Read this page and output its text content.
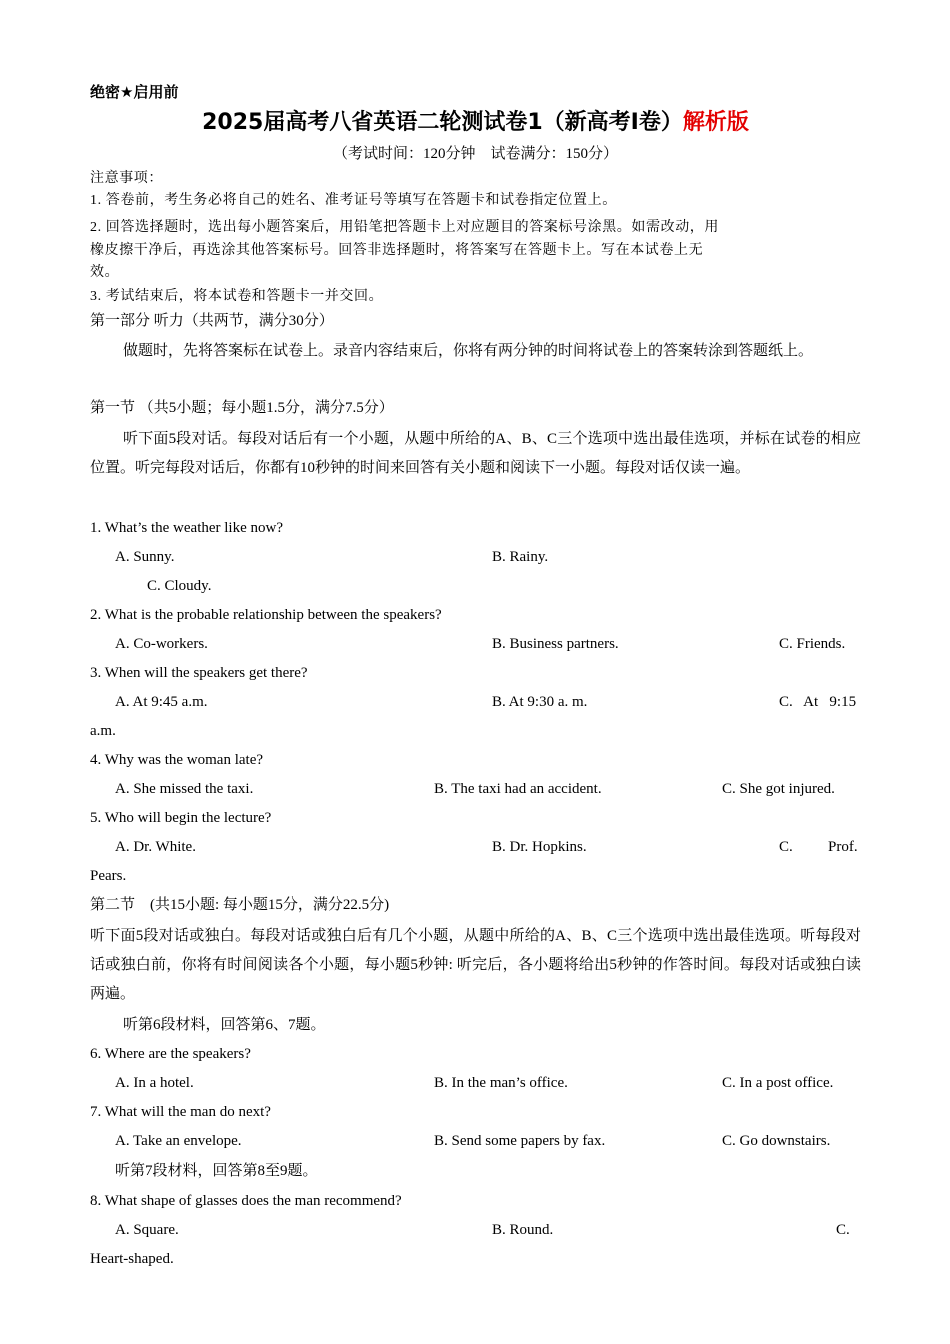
绝密★启用前
2025届高考八省英语二轮测试卷1（新高考I卷）解析版
（考试时间：120分钟　试卷满分：150分）
注意事项：
1. 答卷前，考生务必将自己的姓名、准考证号等填写在答题卡和试卷指定位置上。
2. 回答选择题时，选出每小题答案后，用铅笔把答题卡上对应题目的答案标号涂黑。如需改动，用
橡皮擦干净后，再选涂其他答案标号。回答非选择题时，将答案写在答题卡上。写在本试卷上无
效。
3. 考试结束后，将本试卷和答题卡一并交回。
第一部分 听力（共两节，满分30分）
做题时，先将答案标在试卷上。录音内容结束后，你将有两分钟的时间将试卷上的答案转涂到答题纸上。
第一节 （共5小题；每小题1.5分，满分7.5分）
听下面5段对话。每段对话后有一个小题，从题中所给的A、B、C三个选项中选出最佳选项，并标在试卷的相应位置。听完每段对话后，你都有10秒钟的时间来回答有关小题和阅读下一小题。每段对话仅读一遍。
1. What’s the weather like now?
A. Sunny.	B. Rainy.
C. Cloudy.
2. What is the probable relationship between the speakers?
A. Co-workers.	B. Business partners.	C. Friends.
3. When will the speakers get there?
A. At 9:45 a.m.	B. At 9:30 a. m.	C.   At   9:15
a.m.
4. Why was the woman late?
A. She missed the taxi.	B. The taxi had an accident.	C. She got injured.
5. Who will begin the lecture?
A. Dr. White.	B. Dr. Hopkins.	C. Prof.
Pears.
第二节　(共15小题: 每小题15分，满分22.5分)
听下面5段对话或独白。每段对话或独白后有几个小题，从题中所给的A、B、C三个选项中选出最佳选项。听每段对话或独白前，你将有时间阅读各个小题，每小题5秒钟: 听完后，各小题将给出5秒钟的作答时间。每段对话或独白读两遍。
听第6段材料，回答第6、7题。
6. Where are the speakers?
A. In a hotel.	B. In the man’s office.	C. In a post office.
7. What will the man do next?
A. Take an envelope.	B. Send some papers by fax.	C. Go downstairs.
听第7段材料，回答第8至9题。
8. What shape of glasses does the man recommend?
A. Square.	B. Round.	C.
Heart-shaped.
